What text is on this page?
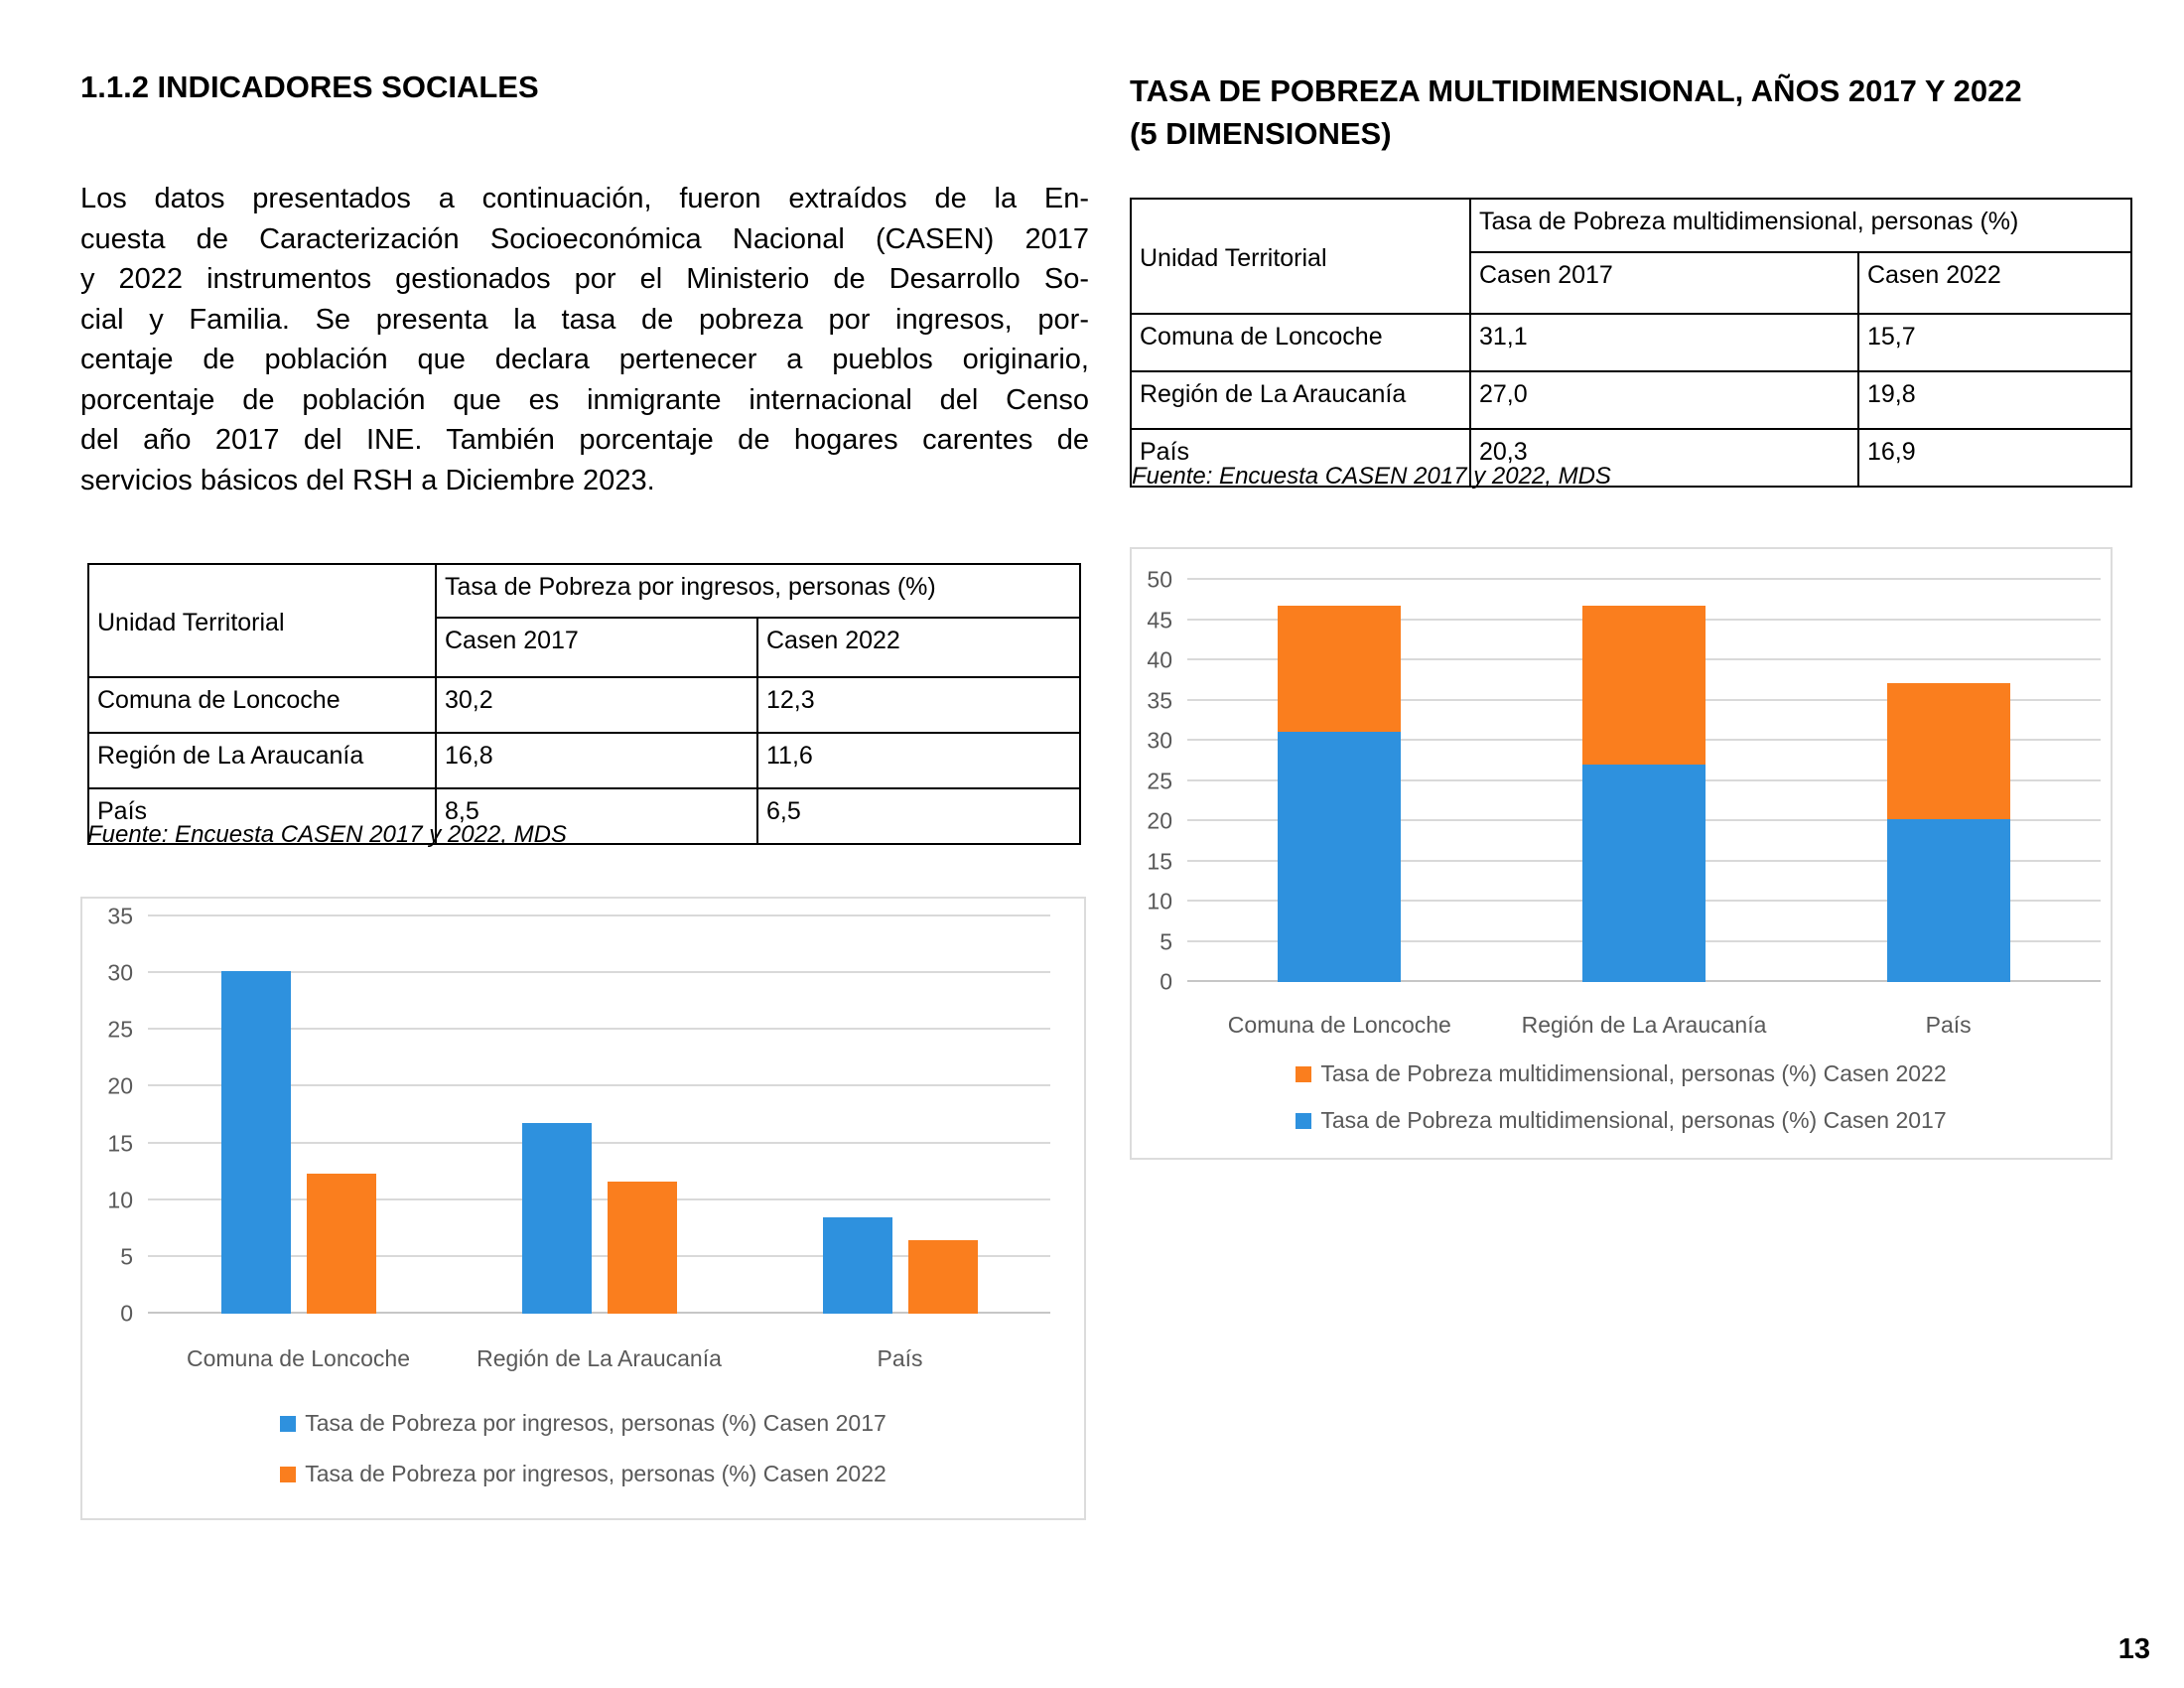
1.1.2 INDICADORES SOCIALES	TASA DE POBREZA MULTIDIMENSIONAL, AÑOS 2017 Y 2022
(5 DIMENSIONES)
Los datos presentados a continuación, fueron extraídos de la En-
cuesta de Caracterización Socioeconómica Nacional (CASEN) 2017
y 2022 instrumentos gestionados por el Ministerio de Desarrollo So-
cial y Familia. Se presenta la tasa de pobreza por ingresos, por-
centaje de población que declara pertenecer a pueblos originario,
porcentaje de población que es inmigrante internacional del Censo
del año 2017 del INE. También porcentaje de hogares carentes de
servicios básicos del RSH a Diciembre 2023.
Unidad Territorial	Tasa de Pobreza por ingresos, personas (%)	
	Casen 2017	Casen 2022
Comuna de Loncoche	30,2	12,3
Región de La Araucanía	16,8	11,6
País	8,5	6,5
Fuente: Encuesta CASEN 2017 y 2022, MDS
Unidad Territorial	Tasa de Pobreza multidimensional, personas (%)	
	Casen 2017	Casen 2022
Comuna de Loncoche	31,1	15,7
Región de La Araucanía	27,0	19,8
País	20,3	16,9
Fuente: Encuesta CASEN 2017 y 2022, MDS
0
5
10
15
20
25
30
35
Comuna de Loncoche	Región de La Araucanía	País
Tasa de Pobreza por ingresos, personas (%) Casen 2017
Tasa de Pobreza por ingresos, personas (%) Casen 2022
0
5
10
15
20
25
30
35
40
45
50
Comuna de Loncoche	Región de La Araucanía	País
Tasa de Pobreza multidimensional, personas (%) Casen 2022
Tasa de Pobreza multidimensional, personas (%) Casen 2017
13
